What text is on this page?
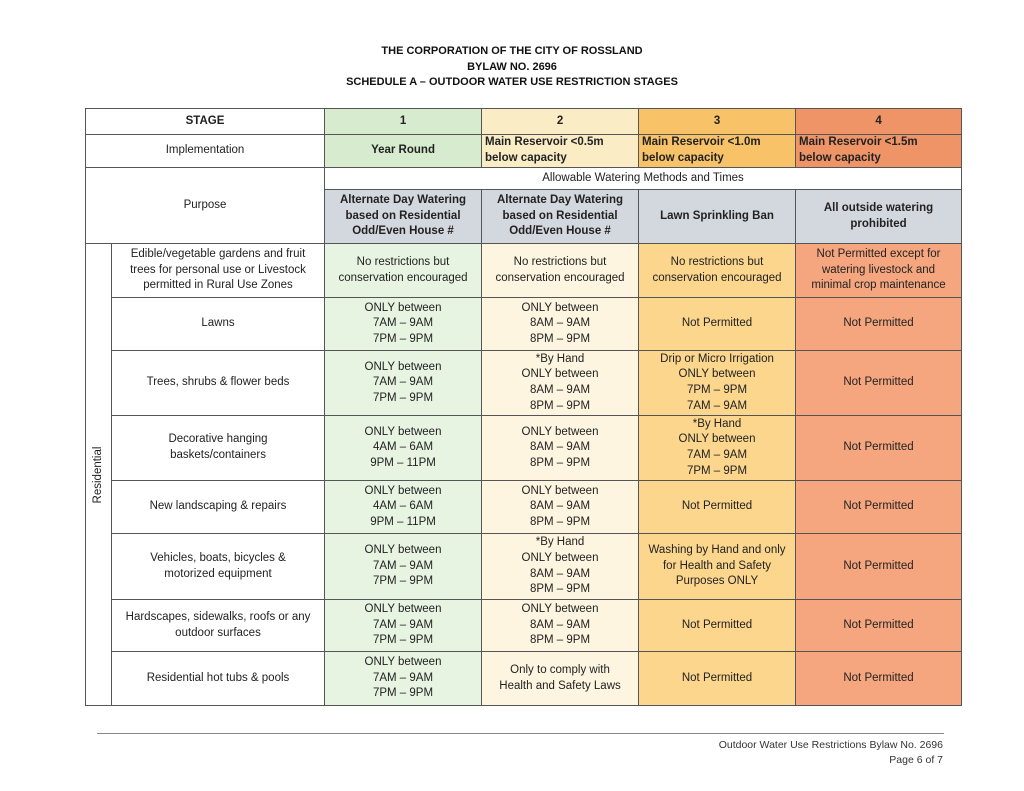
THE CORPORATION OF THE CITY OF ROSSLAND
BYLAW NO. 2696
SCHEDULE A – OUTDOOR WATER USE RESTRICTION STAGES
STAGE		1	2	3	4
Implementation		Year Round	Main Reservoir <0.5m
below capacity	Main Reservoir <1.0m
below capacity	Main Reservoir <1.5m
below capacity

Purpose		Allowable Watering Methods and Times			

		Alternate Day Watering
based on Residential
Odd/Even House #	Alternate Day Watering
based on Residential
Odd/Even House #	Lawn Sprinkling Ban	All outside watering
prohibited

Residential	Edible/vegetable gardens and fruit
trees for personal use or Livestock
permitted in Rural Use Zones	No restrictions but
conservation encouraged	No restrictions but
conservation encouraged	No restrictions but
conservation encouraged	Not Permitted except for
watering livestock and
minimal crop maintenance

	Lawns	ONLY between
7AM – 9AM
7PM – 9PM	ONLY between
8AM – 9AM
8PM – 9PM	Not Permitted	Not Permitted

	Trees, shrubs & flower beds	ONLY between
7AM – 9AM
7PM – 9PM	*By Hand
ONLY between
8AM – 9AM
8PM – 9PM	Drip or Micro Irrigation
ONLY between
7PM – 9PM
7AM – 9AM	Not Permitted

	Decorative hanging
baskets/containers	ONLY between
4AM – 6AM
9PM – 11PM	ONLY between
8AM – 9AM
8PM – 9PM	*By Hand
ONLY between
7AM – 9AM
7PM – 9PM	Not Permitted

	New landscaping & repairs	ONLY between
4AM – 6AM
9PM – 11PM	ONLY between
8AM – 9AM
8PM – 9PM	Not Permitted	Not Permitted

	Vehicles, boats, bicycles &
motorized equipment	ONLY between
7AM – 9AM
7PM – 9PM	*By Hand
ONLY between
8AM – 9AM
8PM – 9PM	Washing by Hand and only
for Health and Safety
Purposes ONLY	Not Permitted

	Hardscapes, sidewalks, roofs or any
outdoor surfaces	ONLY between
7AM – 9AM
7PM – 9PM	ONLY between
8AM – 9AM
8PM – 9PM	Not Permitted	Not Permitted

	Residential hot tubs & pools	ONLY between
7AM – 9AM
7PM – 9PM	Only to comply with
Health and Safety Laws	Not Permitted	Not Permitted
Outdoor Water Use Restrictions Bylaw No. 2696
Page 6 of 7
